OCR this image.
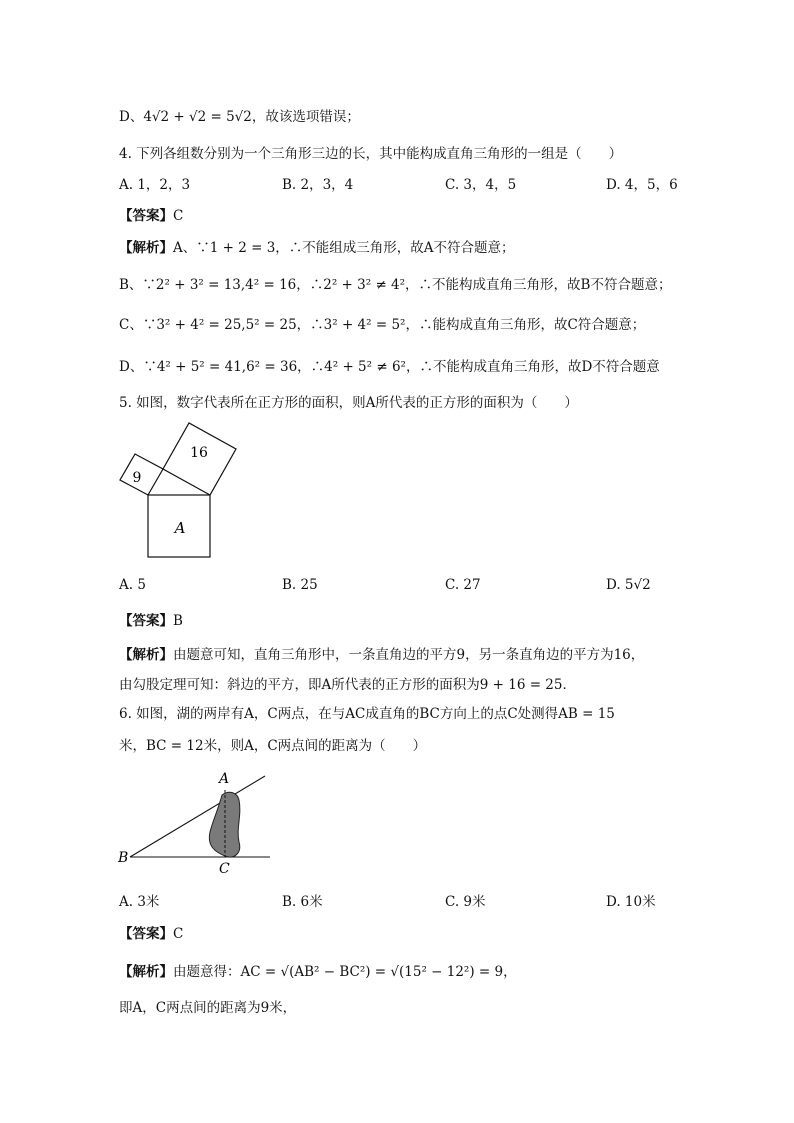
D、4√2 + √2 = 5√2，故该选项错误；
4. 下列各组数分别为一个三角形三边的长，其中能构成直角三角形的一组是（　　）
A. 1，2，3	B. 2，3，4	C. 3，4，5	D. 4，5，6
【答案】C
【解析】A、∵1 + 2 = 3，∴不能组成三角形，故A不符合题意；
B、∵2² + 3² = 13,4² = 16，∴2² + 3² ≠ 4²，∴不能构成直角三角形，故B不符合题意；
C、∵3² + 4² = 25,5² = 25，∴3² + 4² = 5²，∴能构成直角三角形，故C符合题意；
D、∵4² + 5² = 41,6² = 36，∴4² + 5² ≠ 6²，∴不能构成直角三角形，故D不符合题意
5. 如图，数字代表所在正方形的面积，则A所代表的正方形的面积为（　　）
9
16
A
A. 5	B. 25	C. 27	D. 5√2
【答案】B
【解析】由题意可知，直角三角形中，一条直角边的平方9，另一条直角边的平方为16，
由勾股定理可知：斜边的平方，即A所代表的正方形的面积为9 + 16 = 25．
6. 如图，湖的两岸有A，C两点，在与AC成直角的BC方向上的点C处测得AB = 15
米，BC = 12米，则A，C两点间的距离为（　　）
A
B
C
A. 3米	B. 6米	C. 9米	D. 10米
【答案】C
【解析】由题意得：AC = √(AB² − BC²) = √(15² − 12²) = 9，
即A，C两点间的距离为9米，
